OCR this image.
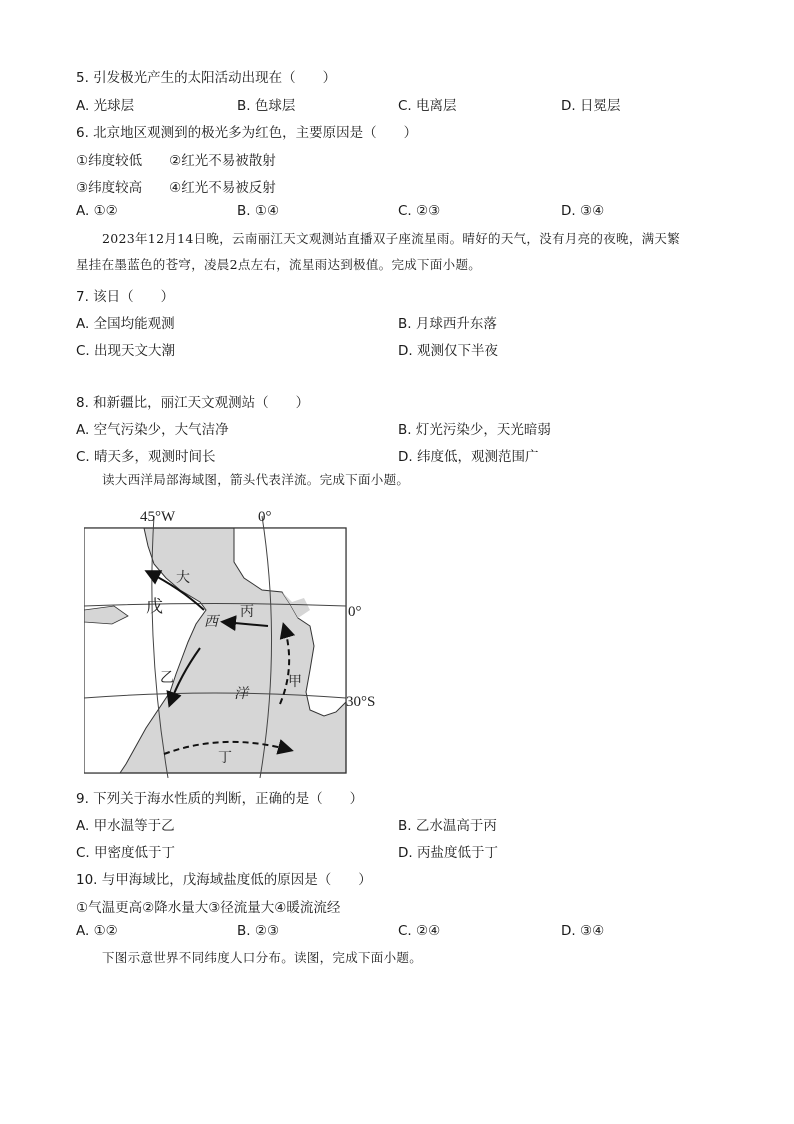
5. 引发极光产生的太阳活动出现在（　　）
A. 光球层	B. 色球层	C. 电离层	D. 日冕层
6. 北京地区观测到的极光多为红色，主要原因是（　　）
①纬度较低　　②红光不易被散射
③纬度较高　　④红光不易被反射
A. ①②	B. ①④	C. ②③	D. ③④
2023年12月14日晚，云南丽江天文观测站直播双子座流星雨。晴好的天气，没有月亮的夜晚，满天繁
星挂在墨蓝色的苍穹，凌晨2点左右，流星雨达到极值。完成下面小题。
7. 该日（　　）
A. 全国均能观测	B. 月球西升东落
C. 出现天文大潮	D. 观测仅下半夜
8. 和新疆比，丽江天文观测站（　　）
A. 空气污染少，大气洁净	B. 灯光污染少，天光暗弱
C. 晴天多，观测时间长	D. 纬度低，观测范围广
读大西洋局部海域图，箭头代表洋流。完成下面小题。
45°W	0°
0°
30°S
大
西
洋
甲
乙
丙
丁
戊
9. 下列关于海水性质的判断，正确的是（　　）
A. 甲水温等于乙	B. 乙水温高于丙
C. 甲密度低于丁	D. 丙盐度低于丁
10. 与甲海域比，戊海域盐度低的原因是（　　）
①气温更高②降水量大③径流量大④暖流流经
A. ①②	B. ②③	C. ②④	D. ③④
下图示意世界不同纬度人口分布。读图，完成下面小题。
